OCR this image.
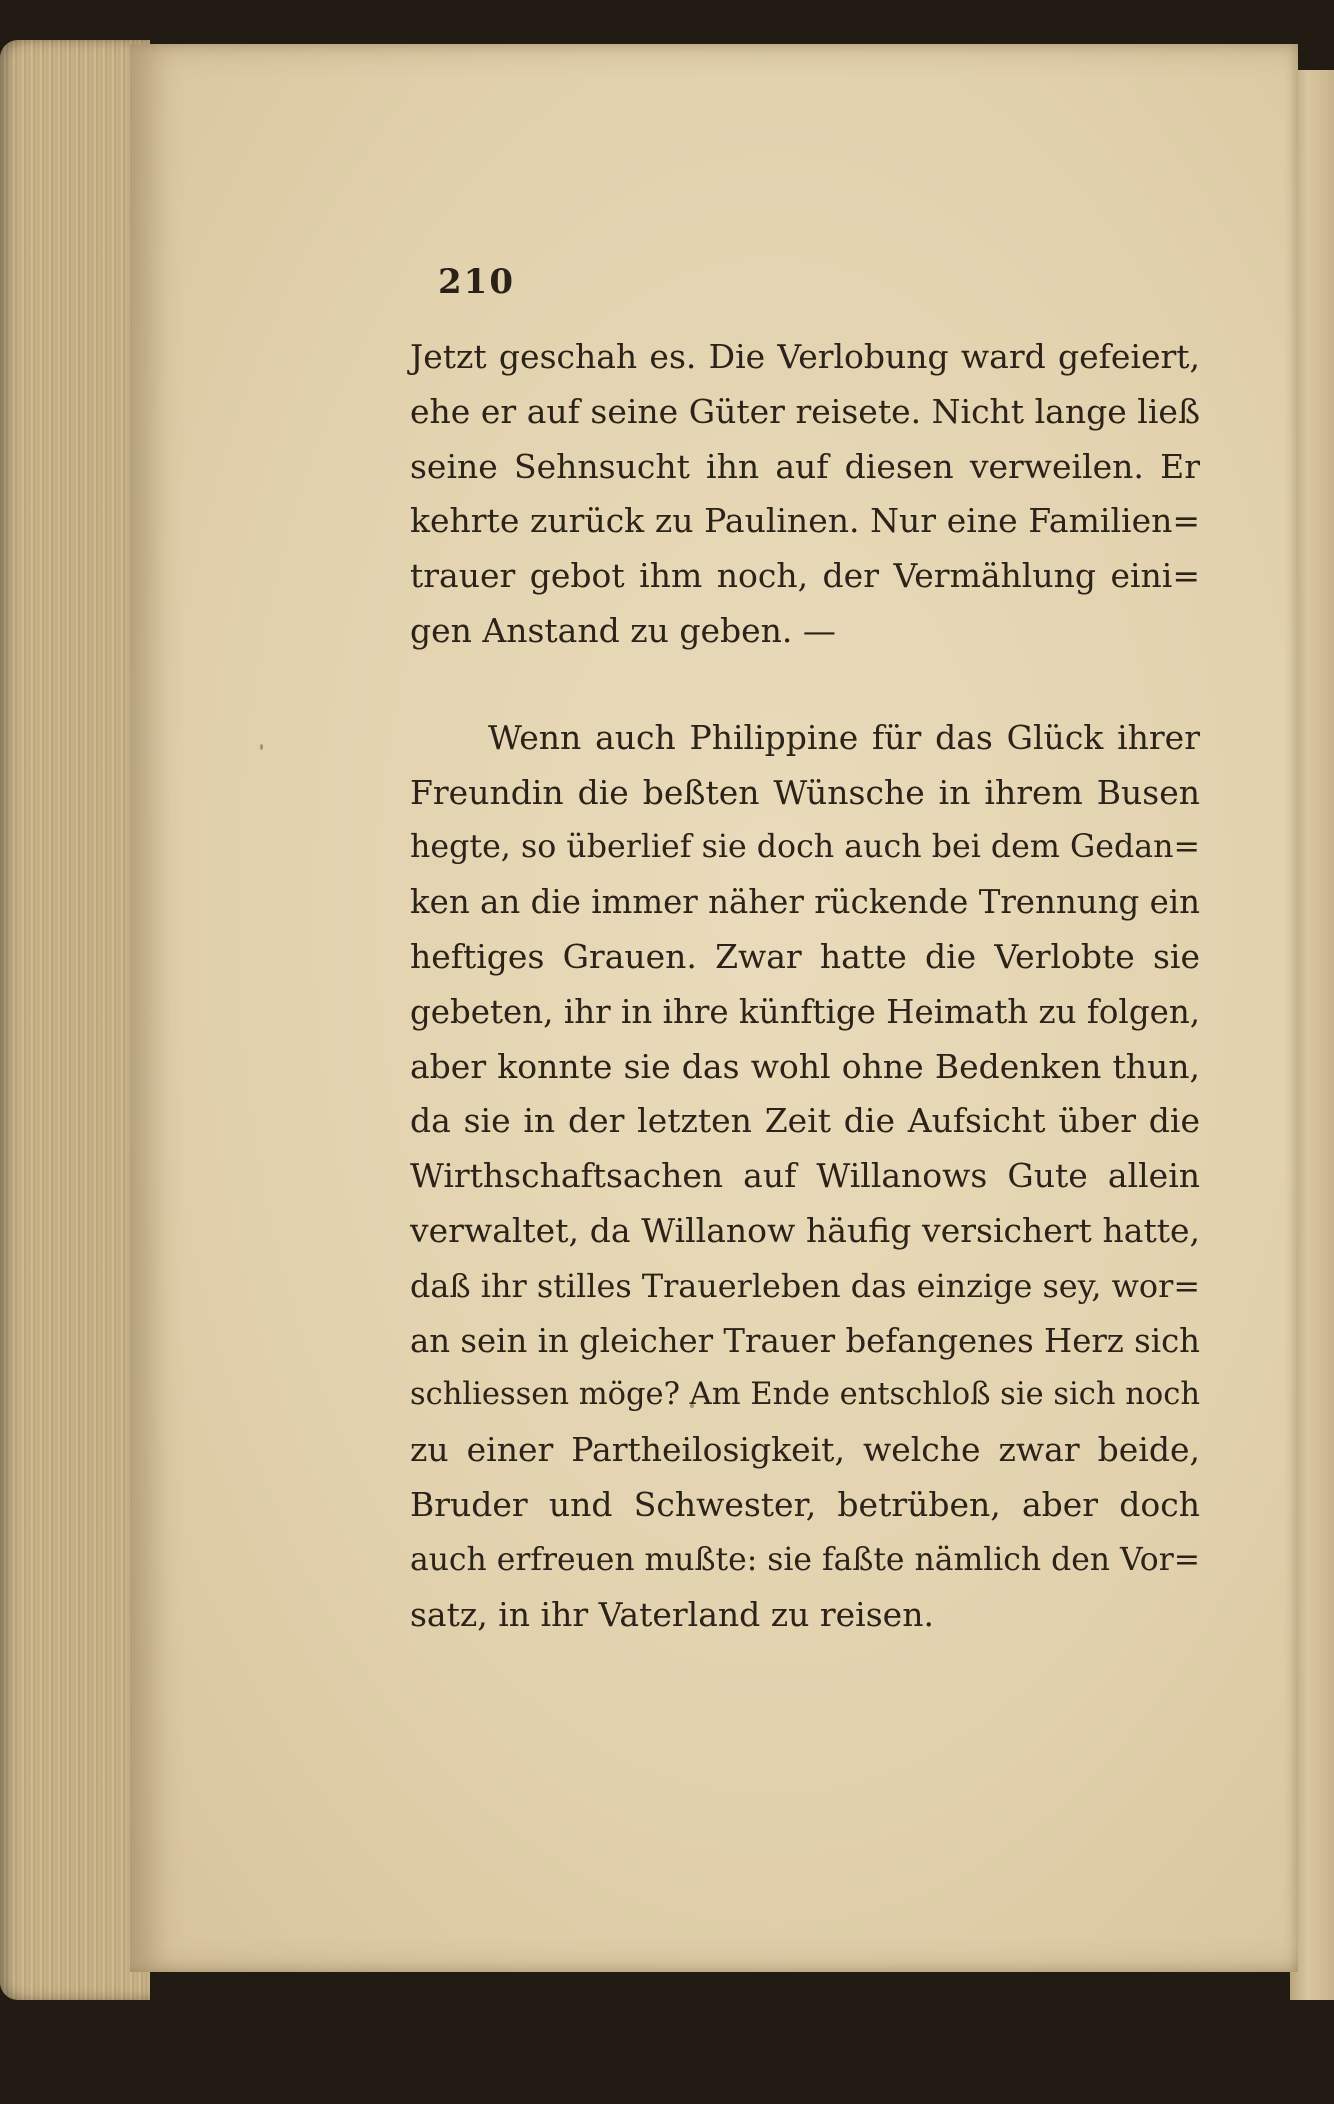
210
Jetzt geschah es. Die Verlobung ward gefeiert,
ehe er auf seine Güter reisete. Nicht lange ließ
seine Sehnsucht ihn auf diesen verweilen. Er
kehrte zurück zu Paulinen. Nur eine Familien=
trauer gebot ihm noch, der Vermählung eini=
gen Anstand zu geben. —
Wenn auch Philippine für das Glück ihrer
Freundin die beßten Wünsche in ihrem Busen
hegte, so überlief sie doch auch bei dem Gedan=
ken an die immer näher rückende Trennung ein
heftiges Grauen. Zwar hatte die Verlobte sie
gebeten, ihr in ihre künftige Heimath zu folgen,
aber konnte sie das wohl ohne Bedenken thun,
da sie in der letzten Zeit die Aufsicht über die
Wirthschaftsachen auf Willanows Gute allein
verwaltet, da Willanow häufig versichert hatte,
daß ihr stilles Trauerleben das einzige sey, wor=
an sein in gleicher Trauer befangenes Herz sich
schliessen möge? Am Ende entschloß sie sich noch
zu einer Partheilosigkeit, welche zwar beide,
Bruder und Schwester, betrüben, aber doch
auch erfreuen mußte: sie faßte nämlich den Vor=
satz, in ihr Vaterland zu reisen.
